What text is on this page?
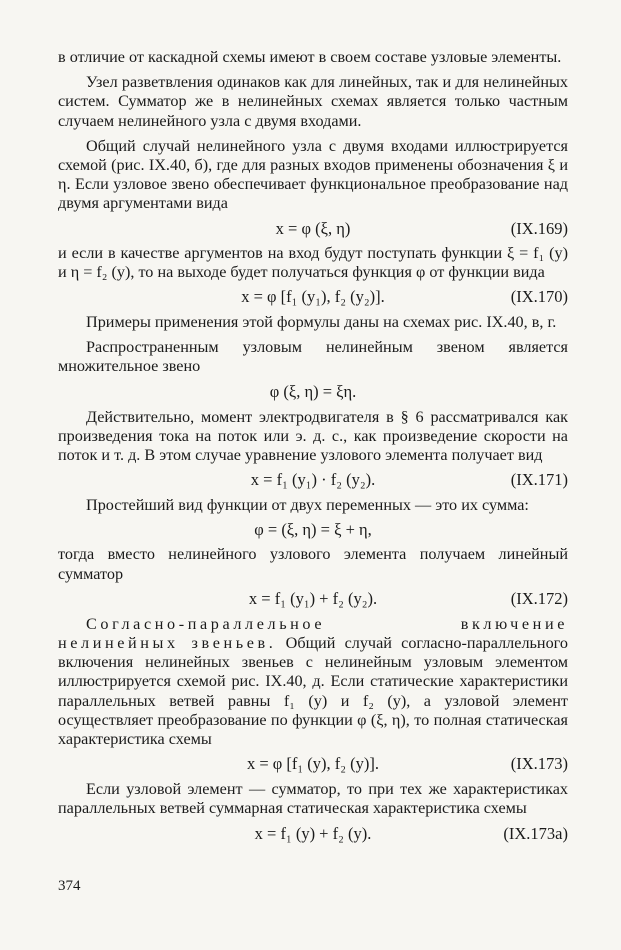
в отличие от каскадной схемы имеют в своем составе узловые элементы.

Узел разветвления одинаков как для линейных, так и для нелинейных систем. Сумматор же в нелинейных схемах является только частным случаем нелинейного узла с двумя входами.

Общий случай нелинейного узла с двумя входами иллюстрируется схемой (рис. IX.40, б), где для разных входов применены обозначения ξ и η. Если узловое звено обеспечивает функциональное преобразование над двумя аргументами вида

x = φ (ξ, η)	(IX.169)

и если в качестве аргументов на вход будут поступать функции ξ = f₁ (y) и η = f₂ (y), то на выходе будет получаться функция φ от функции вида

x = φ [f₁ (y₁), f₂ (y₂)].	(IX.170)

Примеры применения этой формулы даны на схемах рис. IX.40, в, г.

Распространенным узловым нелинейным звеном является множительное звено

φ (ξ, η) = ξη.

Действительно, момент электродвигателя в § 6 рассматривался как произведения тока на поток или э. д. с., как произведение скорости на поток и т. д. В этом случае уравнение узлового элемента получает вид

x = f₁ (y₁) · f₂ (y₂).	(IX.171)

Простейший вид функции от двух переменных — это их сумма:

φ = (ξ, η) = ξ + η,

тогда вместо нелинейного узлового элемента получаем линейный сумматор

x = f₁ (y₁) + f₂ (y₂).	(IX.172)

Согласно-параллельное включение нелинейных звеньев. Общий случай согласно-параллельного включения нелинейных звеньев с нелинейным узловым элементом иллюстрируется схемой рис. IX.40, д. Если статические характеристики параллельных ветвей равны f₁ (y) и f₂ (y), а узловой элемент осуществляет преобразование по функции φ (ξ, η), то полная статическая характеристика схемы

x = φ [f₁ (y), f₂ (y)].	(IX.173)

Если узловой элемент — сумматор, то при тех же характеристиках параллельных ветвей суммарная статическая характеристика схемы

x = f₁ (y) + f₂ (y).	(IX.173а)
374
